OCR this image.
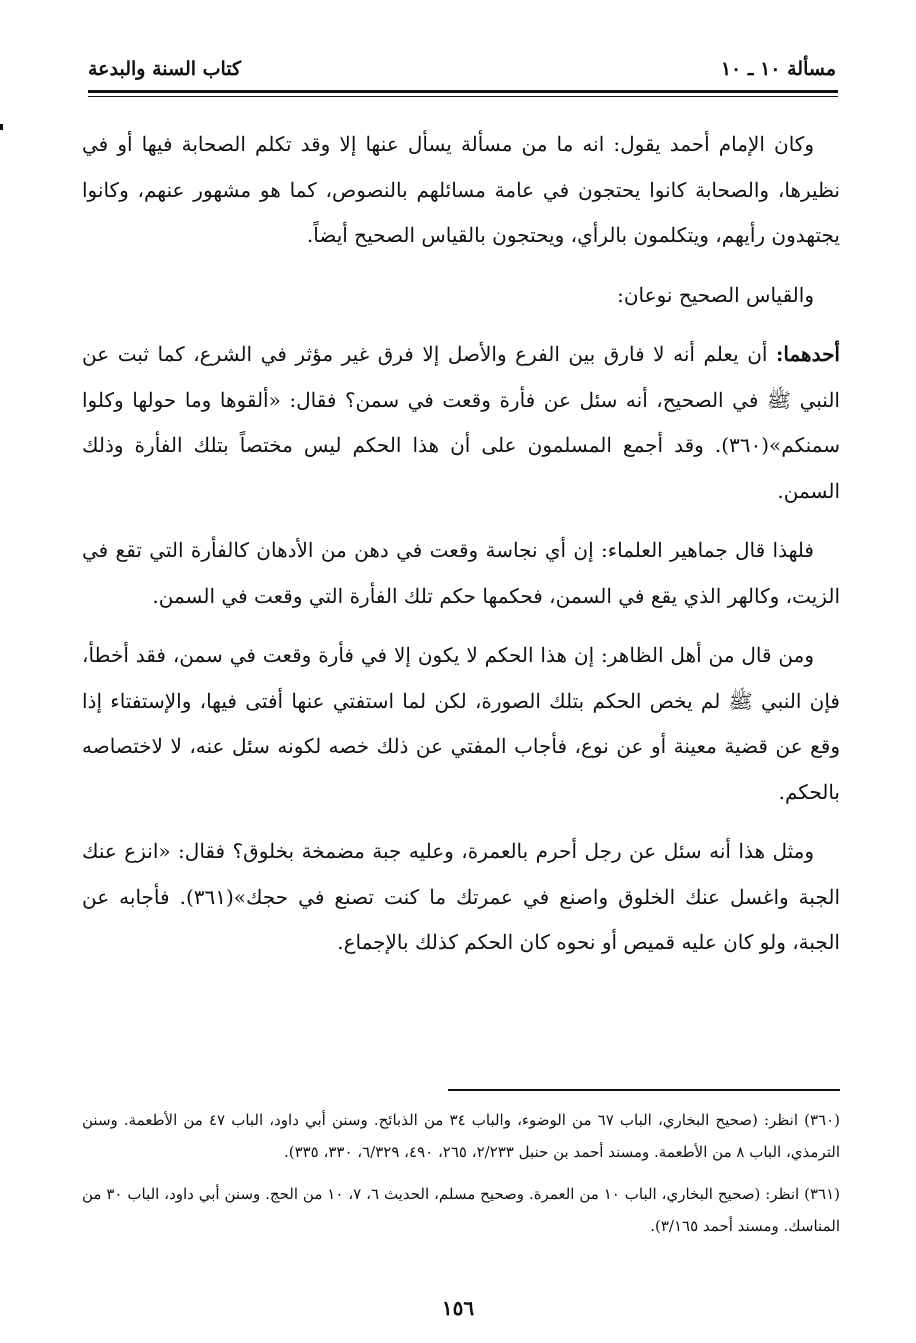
مسألة ١٠ ـ ١٠
كتاب السنة والبدعة

وكان الإمام أحمد يقول: انه ما من مسألة يسأل عنها إلا وقد تكلم الصحابة فيها أو في نظيرها، والصحابة كانوا يحتجون في عامة مسائلهم بالنصوص، كما هو مشهور عنهم، وكانوا يجتهدون رأيهم، ويتكلمون بالرأي، ويحتجون بالقياس الصحيح أيضاً.

والقياس الصحيح نوعان:

أحدهما: أن يعلم أنه لا فارق بين الفرع والأصل إلا فرق غير مؤثر في الشرع، كما ثبت عن النبي ﷺ في الصحيح، أنه سئل عن فأرة وقعت في سمن؟ فقال: «ألقوها وما حولها وكلوا سمنكم»(٣٦٠). وقد أجمع المسلمون على أن هذا الحكم ليس مختصاً بتلك الفأرة وذلك السمن.

فلهذا قال جماهير العلماء: إن أي نجاسة وقعت في دهن من الأدهان كالفأرة التي تقع في الزيت، وكالهر الذي يقع في السمن، فحكمها حكم تلك الفأرة التي وقعت في السمن.

ومن قال من أهل الظاهر: إن هذا الحكم لا يكون إلا في فأرة وقعت في سمن، فقد أخطأ، فإن النبي ﷺ لم يخص الحكم بتلك الصورة، لكن لما استفتي عنها أفتى فيها، والإستفتاء إذا وقع عن قضية معينة أو عن نوع، فأجاب المفتي عن ذلك خصه لكونه سئل عنه، لا لاختصاصه بالحكم.

ومثل هذا أنه سئل عن رجل أحرم بالعمرة، وعليه جبة مضمخة بخلوق؟ فقال: «انزع عنك الجبة واغسل عنك الخلوق واصنع في عمرتك ما كنت تصنع في حجك»(٣٦١). فأجابه عن الجبة، ولو كان عليه قميص أو نحوه كان الحكم كذلك بالإجماع.

(٣٦٠) انظر: (صحيح البخاري، الباب ٦٧ من الوضوء، والباب ٣٤ من الذبائح. وسنن أبي داود، الباب ٤٧ من الأطعمة. وسنن الترمذي، الباب ٨ من الأطعمة. ومسند أحمد بن حنبل ٢/٢٣٣، ٢٦٥، ٤٩٠، ٦/٣٢٩، ٣٣٠، ٣٣٥).

(٣٦١) انظر: (صحيح البخاري، الباب ١٠ من العمرة. وصحيح مسلم، الحديث ٦، ٧، ١٠ من الحج. وسنن أبي داود، الباب ٣٠ من المناسك. ومسند أحمد ٣/١٦٥).

١٥٦
